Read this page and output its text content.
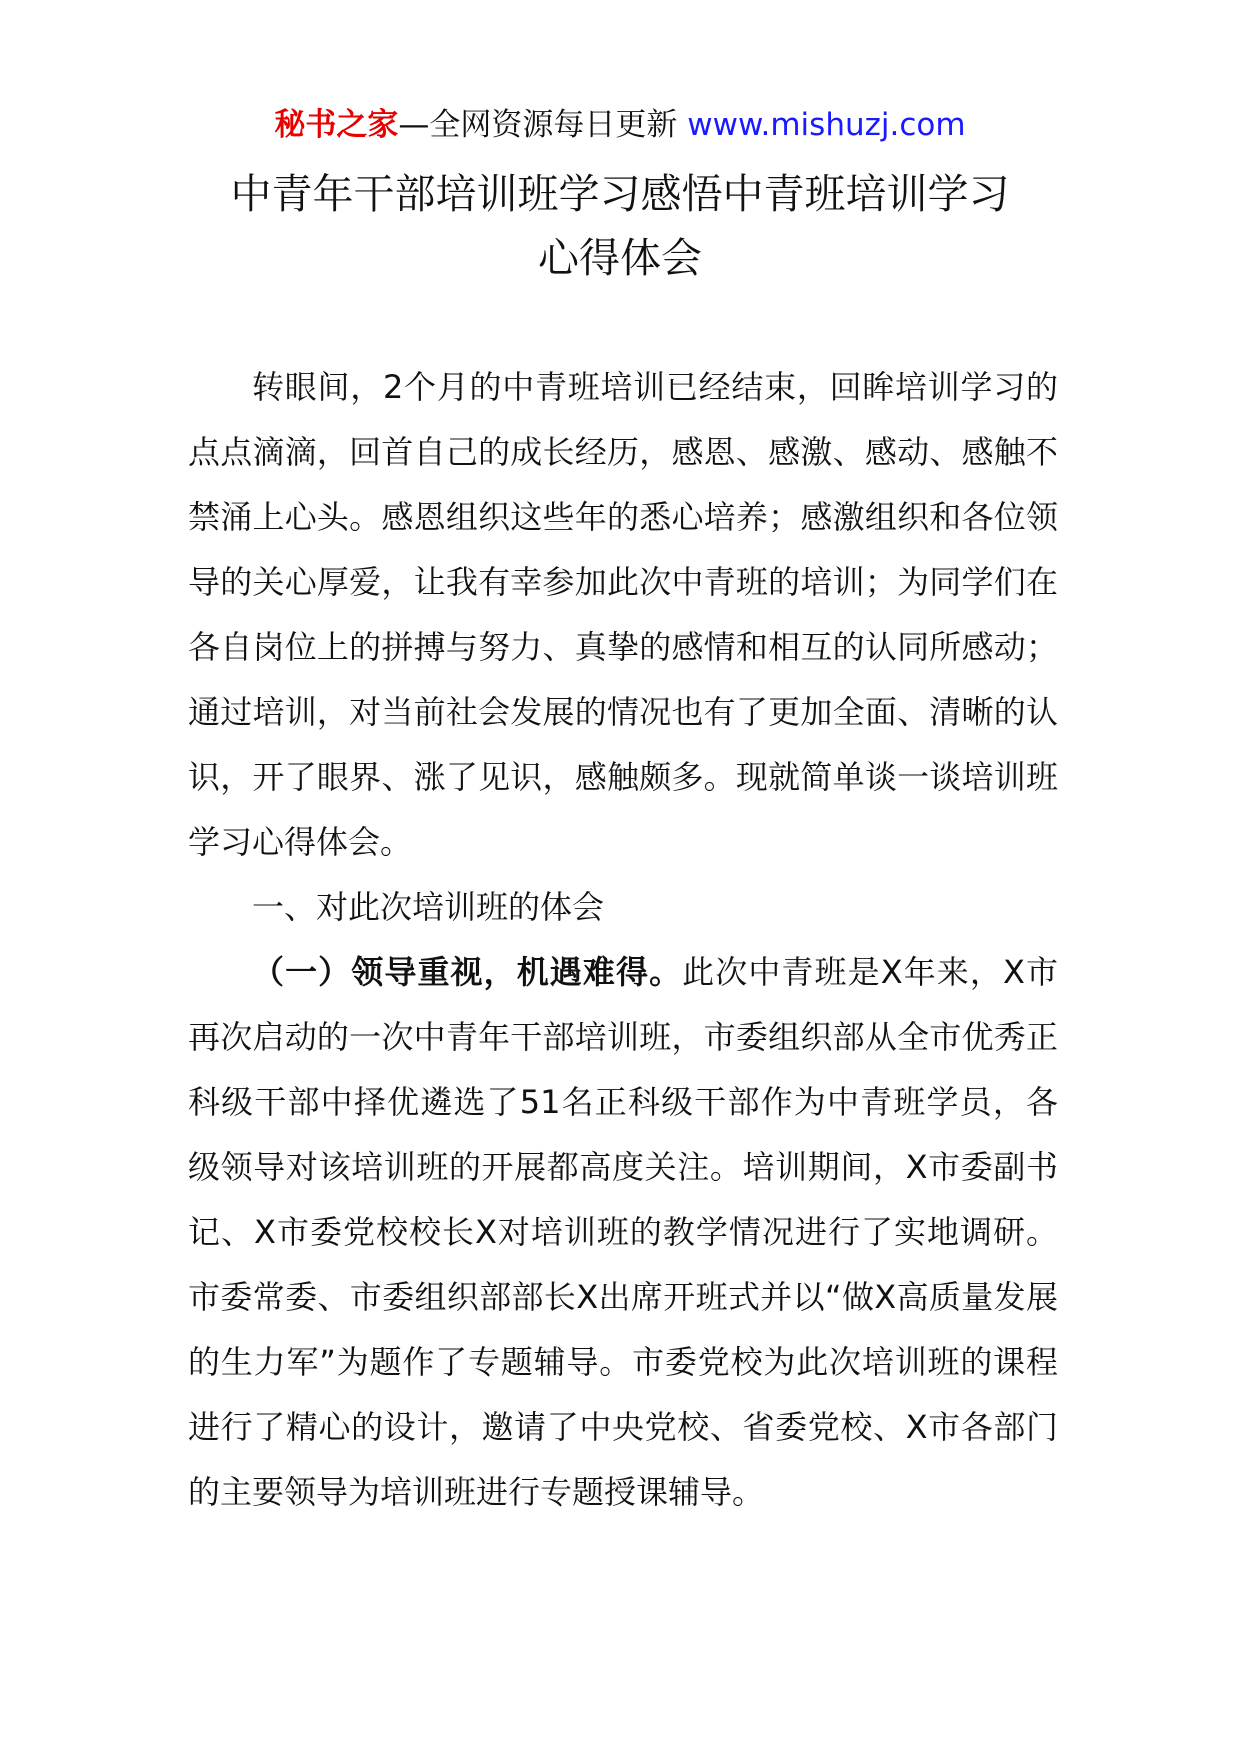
秘书之家—全网资源每日更新 www.mishuzj.com
中青年干部培训班学习感悟中青班培训学习
心得体会

转眼间，2个月的中青班培训已经结束，回眸培训学习的点点滴滴，回首自己的成长经历，感恩、感激、感动、感触不禁涌上心头。感恩组织这些年的悉心培养；感激组织和各位领导的关心厚爱，让我有幸参加此次中青班的培训；为同学们在各自岗位上的拼搏与努力、真挚的感情和相互的认同所感动；通过培训，对当前社会发展的情况也有了更加全面、清晰的认识，开了眼界、涨了见识，感触颇多。现就简单谈一谈培训班学习心得体会。

一、对此次培训班的体会

（一）领导重视，机遇难得。此次中青班是X年来，X市再次启动的一次中青年干部培训班，市委组织部从全市优秀正科级干部中择优遴选了51名正科级干部作为中青班学员，各级领导对该培训班的开展都高度关注。培训期间，X市委副书记、X市委党校校长X对培训班的教学情况进行了实地调研。市委常委、市委组织部部长X出席开班式并以“做X高质量发展的生力军”为题作了专题辅导。市委党校为此次培训班的课程进行了精心的设计，邀请了中央党校、省委党校、X市各部门的主要领导为培训班进行专题授课辅导。
